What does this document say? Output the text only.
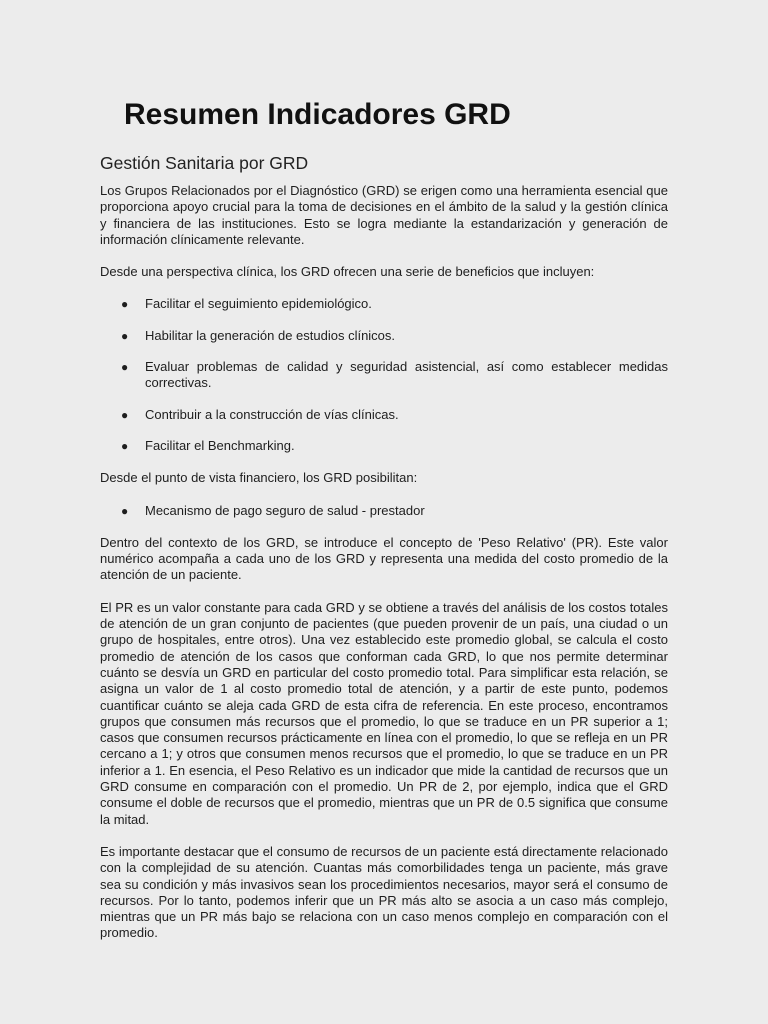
Resumen Indicadores GRD
Gestión Sanitaria por GRD

Los Grupos Relacionados por el Diagnóstico (GRD) se erigen como una herramienta esencial que proporciona apoyo crucial para la toma de decisiones en el ámbito de la salud y la gestión clínica y financiera de las instituciones. Esto se logra mediante la estandarización y generación de información clínicamente relevante.

Desde una perspectiva clínica, los GRD ofrecen una serie de beneficios que incluyen:

● Facilitar el seguimiento epidemiológico.
● Habilitar la generación de estudios clínicos.
● Evaluar problemas de calidad y seguridad asistencial, así como establecer medidas correctivas.
● Contribuir a la construcción de vías clínicas.
● Facilitar el Benchmarking.

Desde el punto de vista financiero, los GRD posibilitan:

● Mecanismo de pago seguro de salud - prestador

Dentro del contexto de los GRD, se introduce el concepto de 'Peso Relativo' (PR). Este valor numérico acompaña a cada uno de los GRD y representa una medida del costo promedio de la atención de un paciente.

El PR es un valor constante para cada GRD y se obtiene a través del análisis de los costos totales de atención de un gran conjunto de pacientes (que pueden provenir de un país, una ciudad o un grupo de hospitales, entre otros). Una vez establecido este promedio global, se calcula el costo promedio de atención de los casos que conforman cada GRD, lo que nos permite determinar cuánto se desvía un GRD en particular del costo promedio total. Para simplificar esta relación, se asigna un valor de 1 al costo promedio total de atención, y a partir de este punto, podemos cuantificar cuánto se aleja cada GRD de esta cifra de referencia. En este proceso, encontramos grupos que consumen más recursos que el promedio, lo que se traduce en un PR superior a 1; casos que consumen recursos prácticamente en línea con el promedio, lo que se refleja en un PR cercano a 1; y otros que consumen menos recursos que el promedio, lo que se traduce en un PR inferior a 1. En esencia, el Peso Relativo es un indicador que mide la cantidad de recursos que un GRD consume en comparación con el promedio. Un PR de 2, por ejemplo, indica que el GRD consume el doble de recursos que el promedio, mientras que un PR de 0.5 significa que consume la mitad.

Es importante destacar que el consumo de recursos de un paciente está directamente relacionado con la complejidad de su atención. Cuantas más comorbilidades tenga un paciente, más grave sea su condición y más invasivos sean los procedimientos necesarios, mayor será el consumo de recursos. Por lo tanto, podemos inferir que un PR más alto se asocia a un caso más complejo, mientras que un PR más bajo se relaciona con un caso menos complejo en comparación con el promedio.
